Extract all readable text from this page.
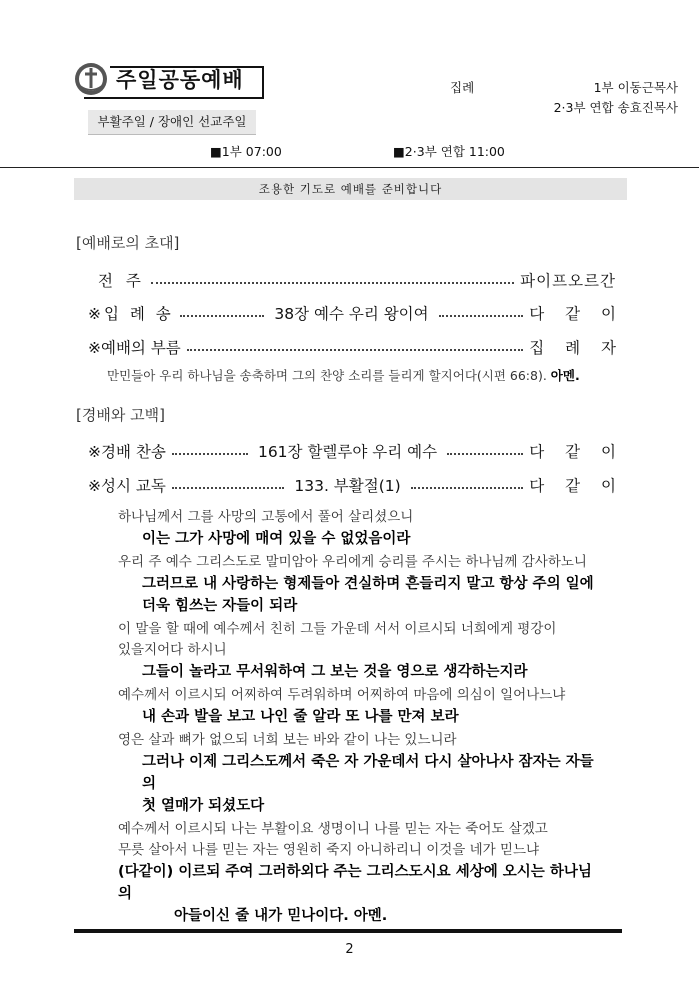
주일공동예배
부활주일 / 장애인 선교주일
집례	1부 이동근목사
2·3부 연합 송효진목사
■1부 07:00	■2·3부 연합 11:00
조용한 기도로 예배를 준비합니다
[예배로의 초대]
전 주	파이프오르간
※입 례 송	38장 예수 우리 왕이여	다 같 이
※예배의 부름	집 례 자
만민들아 우리 하나님을 송축하며 그의 찬양 소리를 들리게 할지어다(시편 66:8). 아멘.
[경배와 고백]
※경배 찬송	161장 할렐루야 우리 예수	다 같 이
※성시 교독	133. 부활절(1)	다 같 이

하나님께서 그를 사망의 고통에서 풀어 살리셨으니

이는 그가 사망에 매여 있을 수 없었음이라

우리 주 예수 그리스도로 말미암아 우리에게 승리를 주시는 하나님께 감사하노니

그러므로 내 사랑하는 형제들아 견실하며 흔들리지 말고 항상 주의 일에

더욱 힘쓰는 자들이 되라

이 말을 할 때에 예수께서 친히 그들 가운데 서서 이르시되 너희에게 평강이

있을지어다 하시니

그들이 놀라고 무서워하여 그 보는 것을 영으로 생각하는지라

예수께서 이르시되 어찌하여 두려워하며 어찌하여 마음에 의심이 일어나느냐

내 손과 발을 보고 나인 줄 알라 또 나를 만져 보라

영은 살과 뼈가 없으되 너희 보는 바와 같이 나는 있느니라

그러나 이제 그리스도께서 죽은 자 가운데서 다시 살아나사 잠자는 자들의

첫 열매가 되셨도다

예수께서 이르시되 나는 부활이요 생명이니 나를 믿는 자는 죽어도 살겠고

무릇 살아서 나를 믿는 자는 영원히 죽지 아니하리니 이것을 네가 믿느냐

(다같이) 이르되 주여 그러하외다 주는 그리스도시요 세상에 오시는 하나님의

아들이신 줄 내가 믿나이다. 아멘.

2
